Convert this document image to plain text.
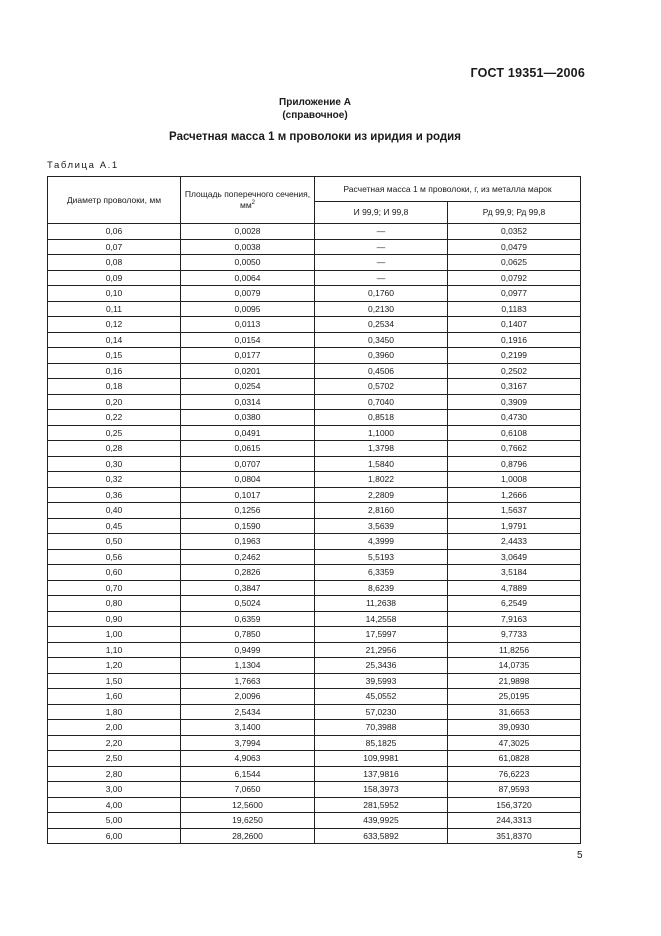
ГОСТ 19351—2006
Приложение А
(справочное)
Расчетная масса 1 м проволоки из иридия и родия
Таблица А.1
Диаметр проволоки, мм	Площадь поперечного сечения, $мм^2$	Расчетная масса 1 м проволоки, г, из металла марок	
		И 99,9; И 99,8	Рд 99,9; Рд 99,8
0,06	0,0028	—	0,0352
0,07	0,0038	—	0,0479
0,08	0,0050	—	0,0625
0,09	0,0064	—	0,0792
0,10	0,0079	0,1760	0,0977
0,11	0,0095	0,2130	0,1183
0,12	0,0113	0,2534	0,1407
0,14	0,0154	0,3450	0,1916
0,15	0,0177	0,3960	0,2199
0,16	0,0201	0,4506	0,2502
0,18	0,0254	0,5702	0,3167
0,20	0,0314	0,7040	0,3909
0,22	0,0380	0,8518	0,4730
0,25	0,0491	1,1000	0,6108
0,28	0,0615	1,3798	0,7662
0,30	0,0707	1,5840	0,8796
0,32	0,0804	1,8022	1,0008
0,36	0,1017	2,2809	1,2666
0,40	0,1256	2,8160	1,5637
0,45	0,1590	3,5639	1,9791
0,50	0,1963	4,3999	2,4433
0,56	0,2462	5,5193	3,0649
0,60	0,2826	6,3359	3,5184
0,70	0,3847	8,6239	4,7889
0,80	0,5024	11,2638	6,2549
0,90	0,6359	14,2558	7,9163
1,00	0,7850	17,5997	9,7733
1,10	0,9499	21,2956	11,8256
1,20	1,1304	25,3436	14,0735
1,50	1,7663	39,5993	21,9898
1,60	2,0096	45,0552	25,0195
1,80	2,5434	57,0230	31,6653
2,00	3,1400	70,3988	39,0930
2,20	3,7994	85,1825	47,3025
2,50	4,9063	109,9981	61,0828
2,80	6,1544	137,9816	76,6223
3,00	7,0650	158,3973	87,9593
4,00	12,5600	281,5952	156,3720
5,00	19,6250	439,9925	244,3313
6,00	28,2600	633,5892	351,8370
5
